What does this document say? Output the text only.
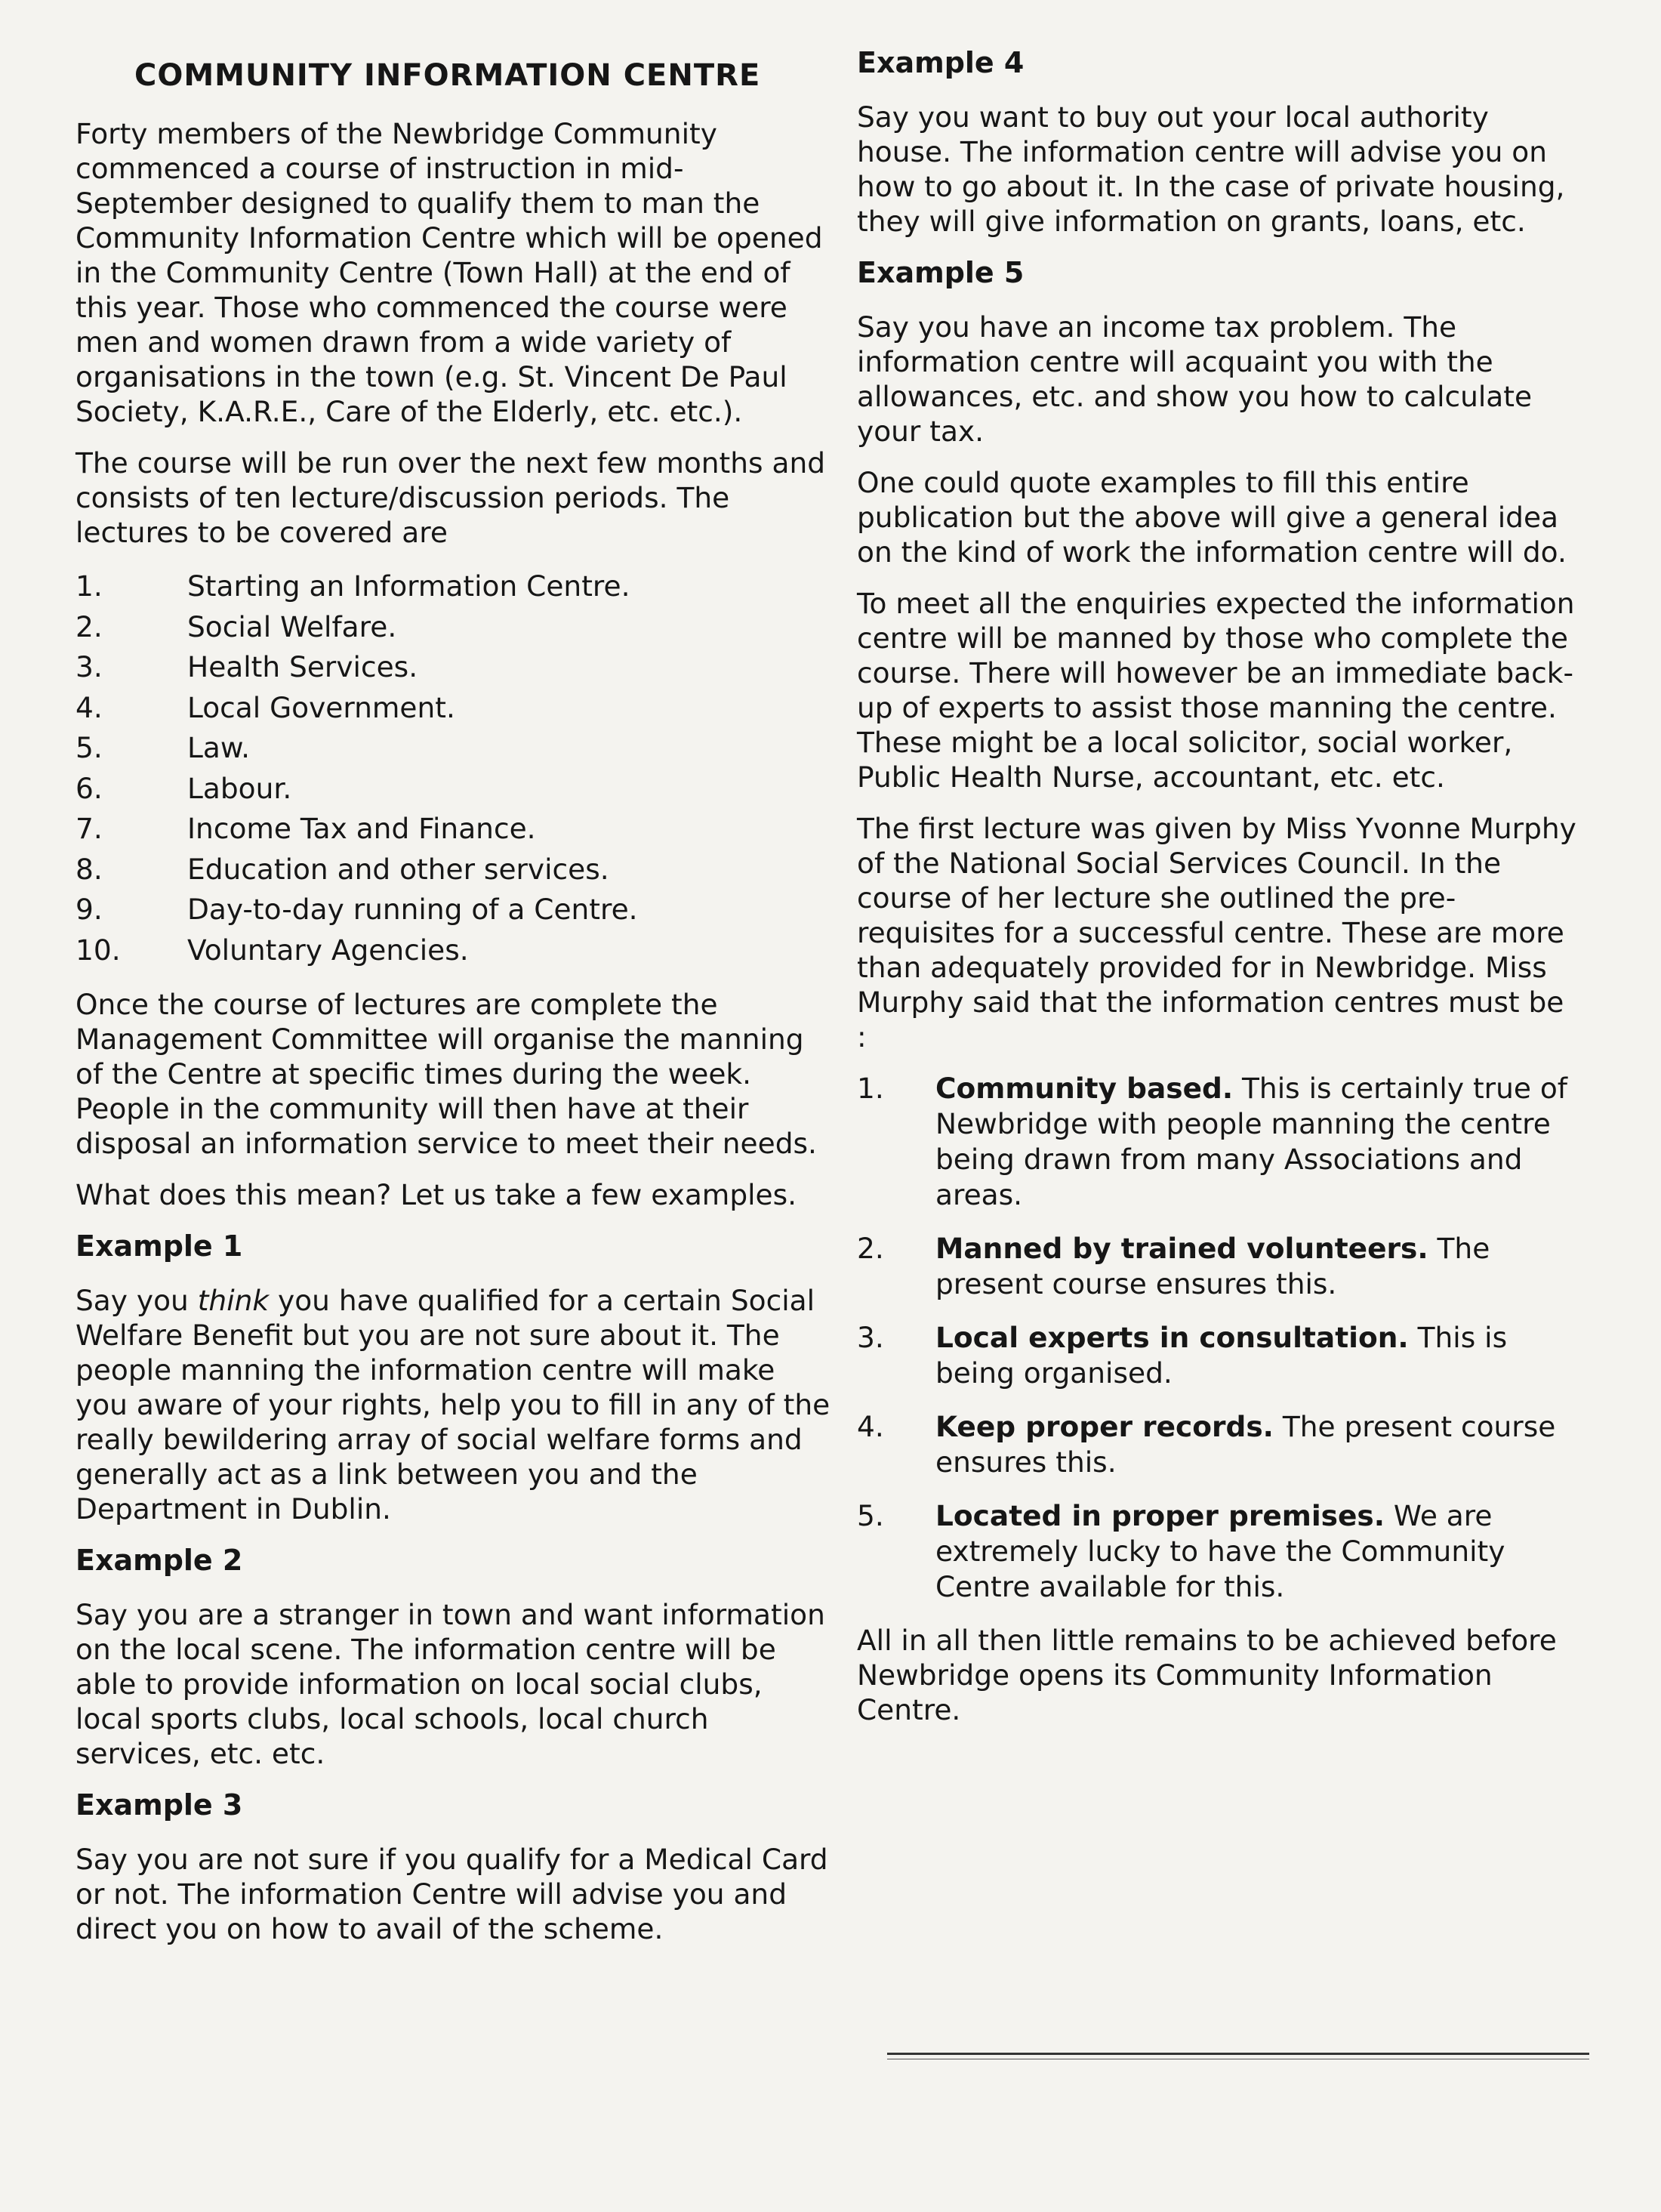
COMMUNITY INFORMATION CENTRE

Forty members of the Newbridge Community commenced a course of instruction in mid-September designed to qualify them to man the Community Information Centre which will be opened in the Community Centre (Town Hall) at the end of this year. Those who commenced the course were men and women drawn from a wide variety of organisations in the town (e.g. St. Vincent De Paul Society, K.A.R.E., Care of the Elderly, etc. etc.).

The course will be run over the next few months and consists of ten lecture/discussion periods. The lectures to be covered are

1.	Starting an Information Centre.
2.	Social Welfare.
3.	Health Services.
4.	Local Government.
5.	Law.
6.	Labour.
7.	Income Tax and Finance.
8.	Education and other services.
9.	Day-to-day running of a Centre.
10.	Voluntary Agencies.

Once the course of lectures are complete the Management Committee will organise the manning of the Centre at specific times during the week. People in the community will then have at their disposal an information service to meet their needs.

What does this mean? Let us take a few examples.

Example 1

Say you think you have qualified for a certain Social Welfare Benefit but you are not sure about it. The people manning the information centre will make you aware of your rights, help you to fill in any of the really bewildering array of social welfare forms and generally act as a link between you and the Department in Dublin.

Example 2

Say you are a stranger in town and want information on the local scene. The information centre will be able to provide information on local social clubs, local sports clubs, local schools, local church services, etc. etc.

Example 3

Say you are not sure if you qualify for a Medical Card or not. The information Centre will advise you and direct you on how to avail of the scheme.

Example 4

Say you want to buy out your local authority house. The information centre will advise you on how to go about it. In the case of private housing, they will give information on grants, loans, etc.

Example 5

Say you have an income tax problem. The information centre will acquaint you with the allowances, etc. and show you how to calculate your tax.

One could quote examples to fill this entire publication but the above will give a general idea on the kind of work the information centre will do.

To meet all the enquiries expected the information centre will be manned by those who complete the course. There will however be an immediate back-up of experts to assist those manning the centre. These might be a local solicitor, social worker, Public Health Nurse, accountant, etc. etc.

The first lecture was given by Miss Yvonne Murphy of the National Social Services Council. In the course of her lecture she outlined the pre-requisites for a successful centre. These are more than adequately provided for in Newbridge. Miss Murphy said that the information centres must be :

1.	Community based. This is certainly true of Newbridge with people manning the centre being drawn from many Associations and areas.
2.	Manned by trained volunteers. The present course ensures this.
3.	Local experts in consultation. This is being organised.
4.	Keep proper records. The present course ensures this.
5.	Located in proper premises. We are extremely lucky to have the Community Centre available for this.

All in all then little remains to be achieved before Newbridge opens its Community Information Centre.
